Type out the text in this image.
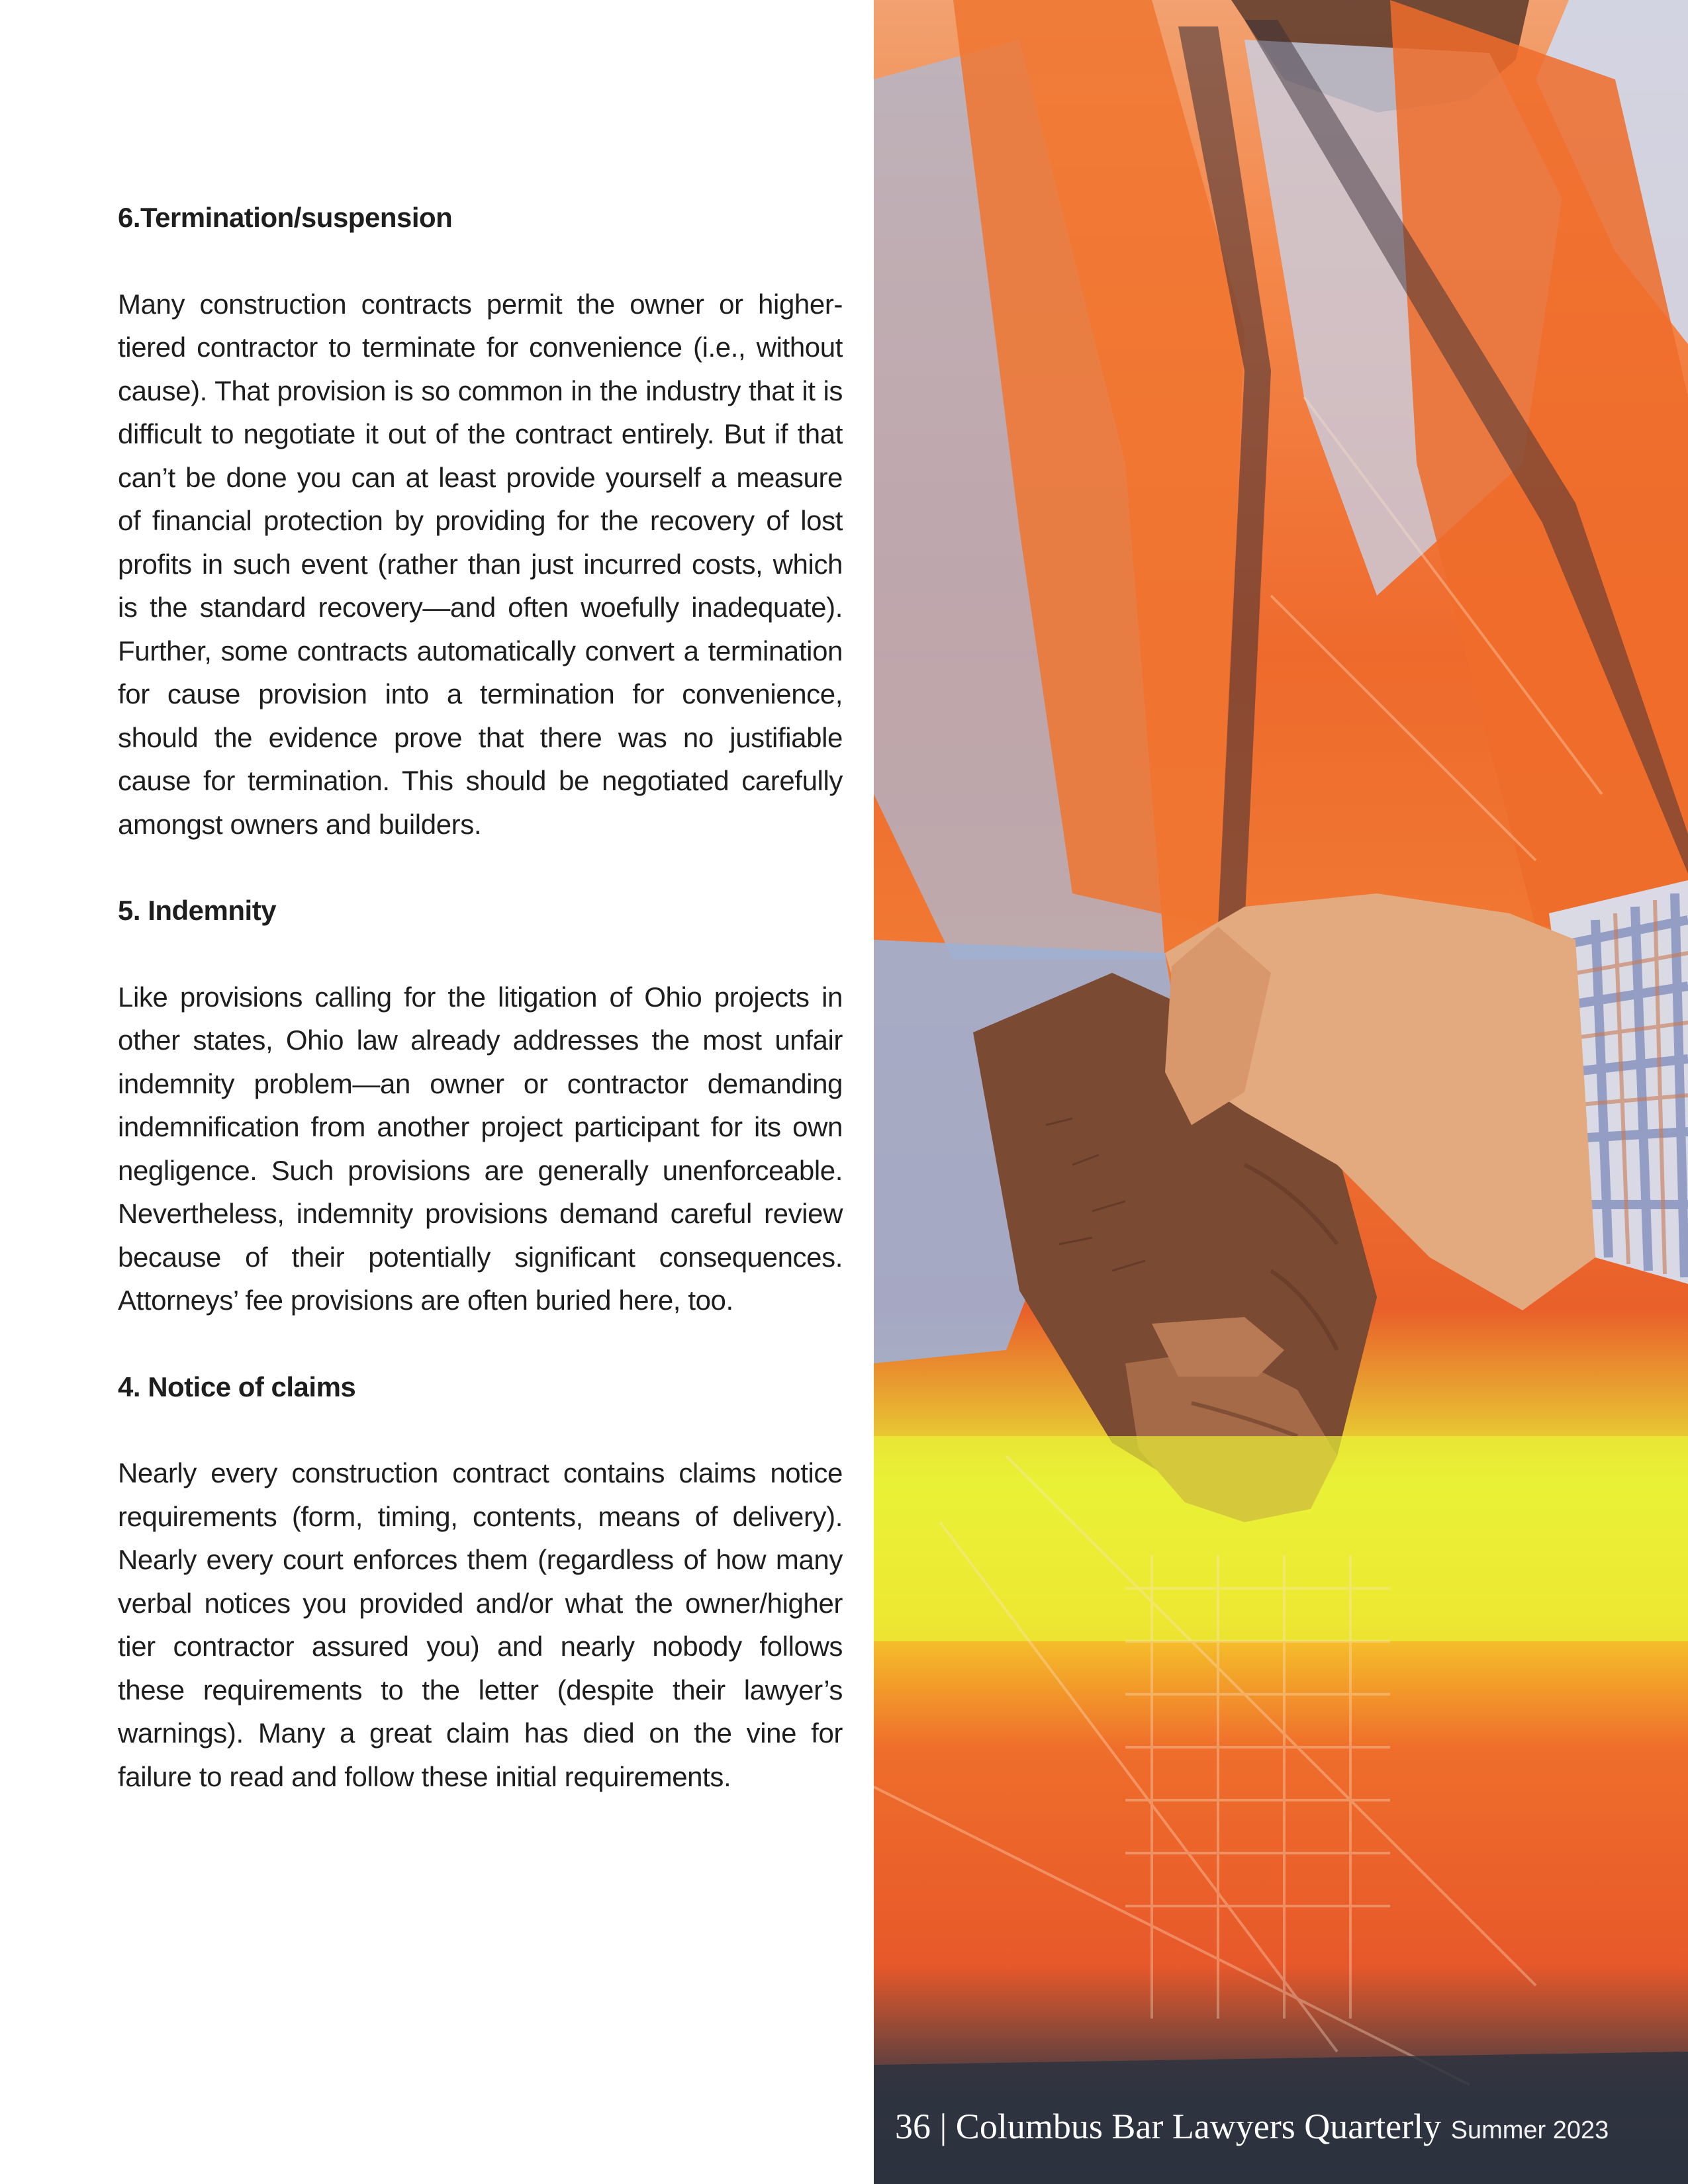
6.Termination/suspension
Many construction contracts permit the owner or higher-tiered contractor to terminate for convenience (i.e., without cause). That provision is so common in the industry that it is difficult to negotiate it out of the contract entirely. But if that can’t be done you can at least provide yourself a measure of financial protection by providing for the recovery of lost profits in such event (rather than just incurred costs, which is the standard recovery—and often woefully inadequate). Further, some contracts automatically convert a termination for cause provision into a termination for convenience, should the evidence prove that there was no justifiable cause for termination. This should be negotiated carefully amongst owners and builders.
5. Indemnity
Like provisions calling for the litigation of Ohio projects in other states, Ohio law already addresses the most unfair indemnity problem—an owner or contractor demanding indemnification from another project participant for its own negligence. Such provisions are generally unenforceable. Nevertheless, indemnity provisions demand careful review because of their potentially significant consequences. Attorneys’ fee provisions are often buried here, too.
4. Notice of claims
Nearly every construction contract contains claims notice requirements (form, timing, contents, means of delivery). Nearly every court enforces them (regardless of how many verbal notices you provided and/or what the owner/higher tier contractor assured you) and nearly nobody follows these requirements to the letter (despite their lawyer’s warnings). Many a great claim has died on the vine for failure to read and follow these initial requirements.
36 | Columbus Bar Lawyers Quarterly Summer 2023
